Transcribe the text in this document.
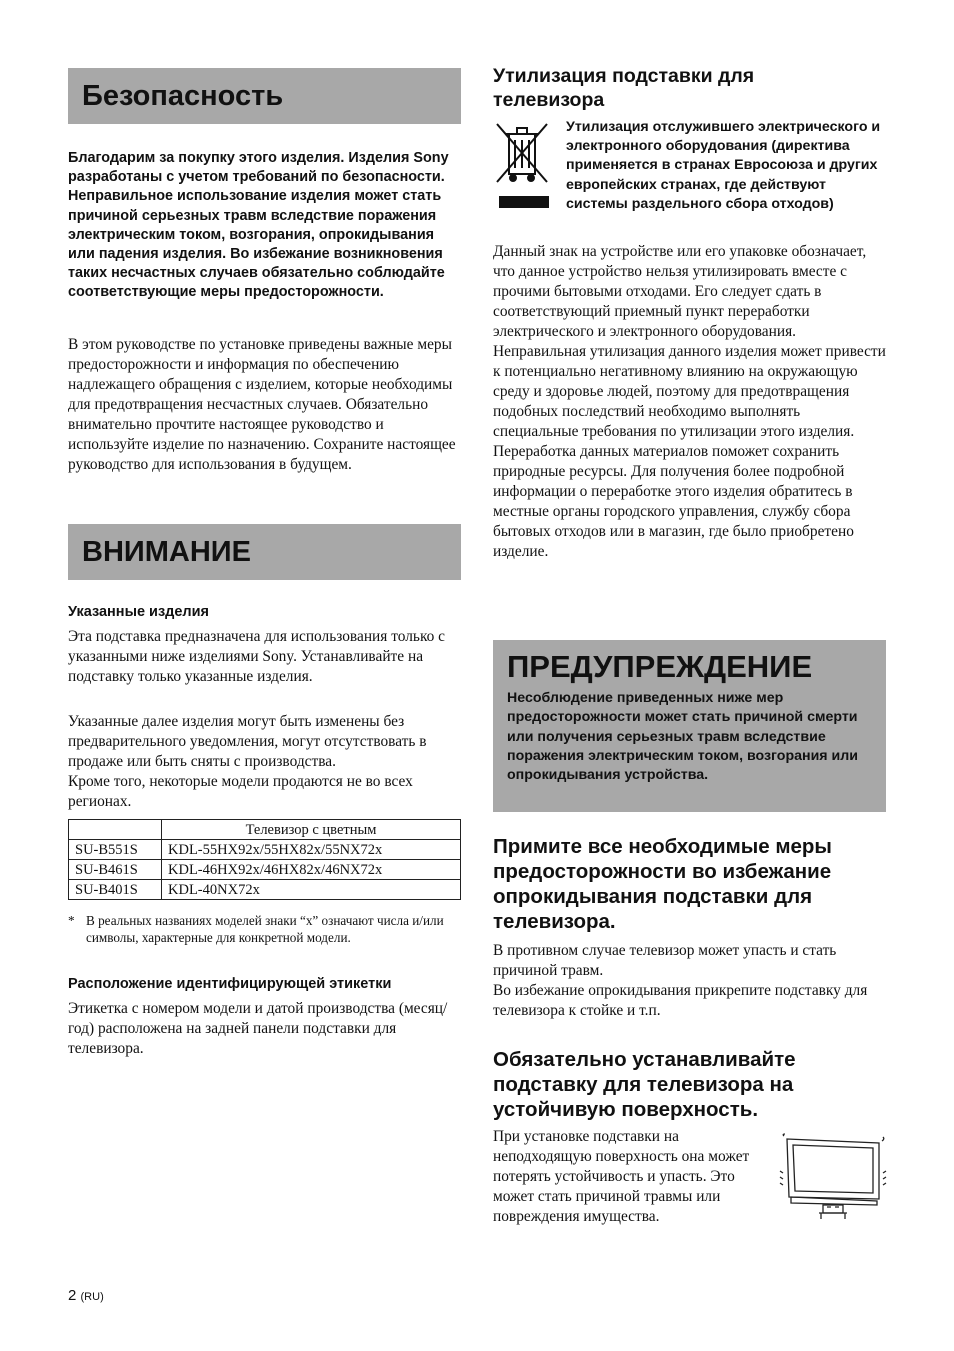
Безопасность

Благодарим за покупку этого изделия. Изделия Sony разработаны с учетом требований по безопасности. Неправильное использование изделия может стать причиной серьезных травм вследствие поражения электрическим током, возгорания, опрокидывания или падения изделия. Во избежание возникновения таких несчастных случаев обязательно соблюдайте соответствующие меры предосторожности.

В этом руководстве по установке приведены важные меры предосторожности и информация по обеспечению надлежащего обращения с изделием, которые необходимы для предотвращения несчастных случаев. Обязательно внимательно прочтите настоящее руководство и используйте изделие по назначению. Сохраните настоящее руководство для использования в будущем.

ВНИМАНИЕ

Указанные изделия

Эта подставка предназначена для использования только с указанными ниже изделиями Sony. Устанавливайте на подставку только указанные изделия.

Указанные далее изделия могут быть изменены без предварительного уведомления, могут отсутствовать в продаже или быть сняты с производства.

Кроме того, некоторые модели продаются не во всех регионах.

	Телевизор с цветным
SU-B551S	KDL-55HX92x/55HX82x/55NX72x
SU-B461S	KDL-46HX92x/46HX82x/46NX72x
SU-B401S	KDL-40NX72x
* В реальных названиях моделей знаки “x” означают числа и/или символы, характерные для конкретной модели.

Расположение идентифицирующей этикетки

Этикетка с номером модели и датой производства (месяц/год) расположена на задней панели подставки для телевизора.

2 (RU)

Утилизация подставки для телевизора

Утилизация отслужившего электрического и электронного оборудования (директива применяется в странах Евросоюза и других европейских странах, где действуют системы раздельного сбора отходов)

Данный знак на устройстве или его упаковке обозначает, что данное устройство нельзя утилизировать вместе с прочими бытовыми отходами. Его следует сдать в соответствующий приемный пункт переработки электрического и электронного оборудования. Неправильная утилизация данного изделия может привести к потенциально негативному влиянию на окружающую среду и здоровье людей, поэтому для предотвращения подобных последствий необходимо выполнять специальные требования по утилизации этого изделия. Переработка данных материалов поможет сохранить природные ресурсы. Для получения более подробной информации о переработке этого изделия обратитесь в местные органы городского управления, службу сбора бытовых отходов или в магазин, где было приобретено изделие.

ПРЕДУПРЕЖДЕНИЕ

Несоблюдение приведенных ниже мер предосторожности может стать причиной смерти или получения серьезных травм вследствие поражения электрическим током, возгорания или опрокидывания устройства.

Примите все необходимые меры предосторожности во избежание опрокидывания подставки для телевизора.

В противном случае телевизор может упасть и стать причиной травм.

Во избежание опрокидывания прикрепите подставку для телевизора к стойке и т.п.

Обязательно устанавливайте подставку для телевизора на устойчивую поверхность.

При установке подставки на неподходящую поверхность она может потерять устойчивость и упасть. Это может стать причиной травмы или повреждения имущества.
